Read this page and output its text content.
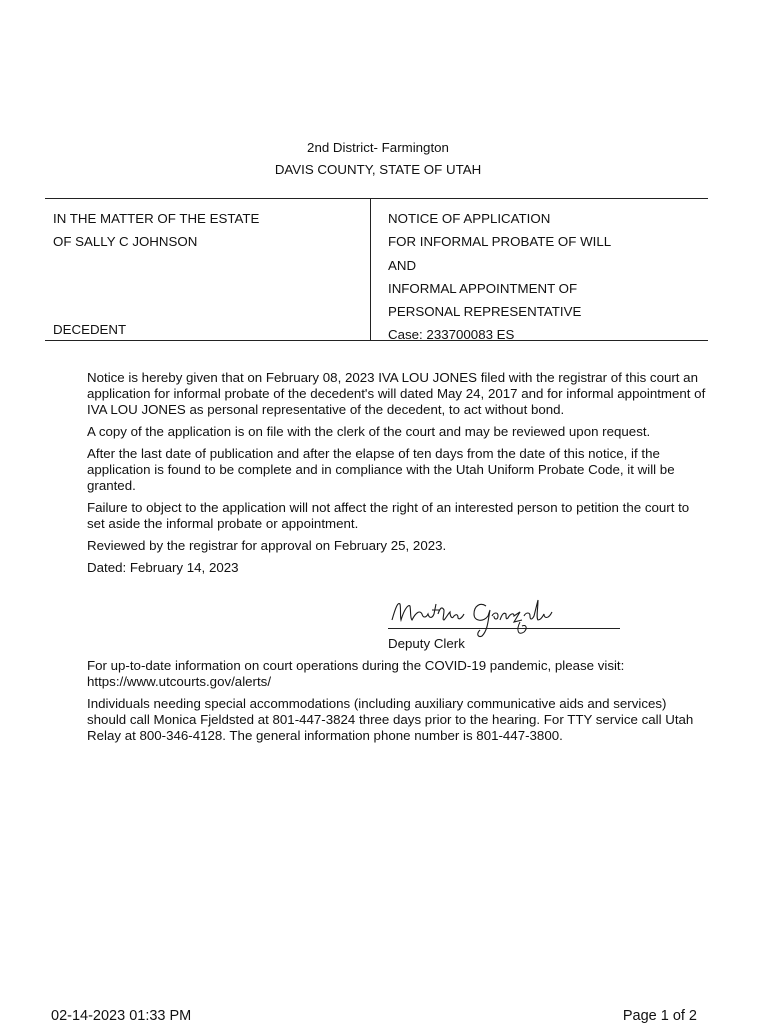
2nd District- Farmington
DAVIS COUNTY, STATE OF UTAH
IN THE MATTER OF THE ESTATE
OF SALLY C JOHNSON
DECEDENT
NOTICE OF APPLICATION
FOR INFORMAL PROBATE OF WILL
AND
INFORMAL APPOINTMENT OF
PERSONAL REPRESENTATIVE
Case: 233700083 ES

Notice is hereby given that on February 08, 2023 IVA LOU JONES filed with the registrar of this court an application for informal probate of the decedent's will dated May 24, 2017 and for informal appointment of IVA LOU JONES as personal representative of the decedent, to act without bond.

A copy of the application is on file with the clerk of the court and may be reviewed upon request.

After the last date of publication and after the elapse of ten days from the date of this notice, if the application is found to be complete and in compliance with the Utah Uniform Probate Code, it will be granted.

Failure to object to the application will not affect the right of an interested person to petition the court to set aside the informal probate or appointment.

Reviewed by the registrar for approval on February 25, 2023.

Dated: February 14, 2023

Deputy Clerk

For up-to-date information on court operations during the COVID-19 pandemic, please visit: https://www.utcourts.gov/alerts/

Individuals needing special accommodations (including auxiliary communicative aids and services) should call Monica Fjeldsted at 801-447-3824 three days prior to the hearing. For TTY service call Utah Relay at 800-346-4128. The general information phone number is 801-447-3800.

02-14-2023 01:33 PM	Page 1 of 2
